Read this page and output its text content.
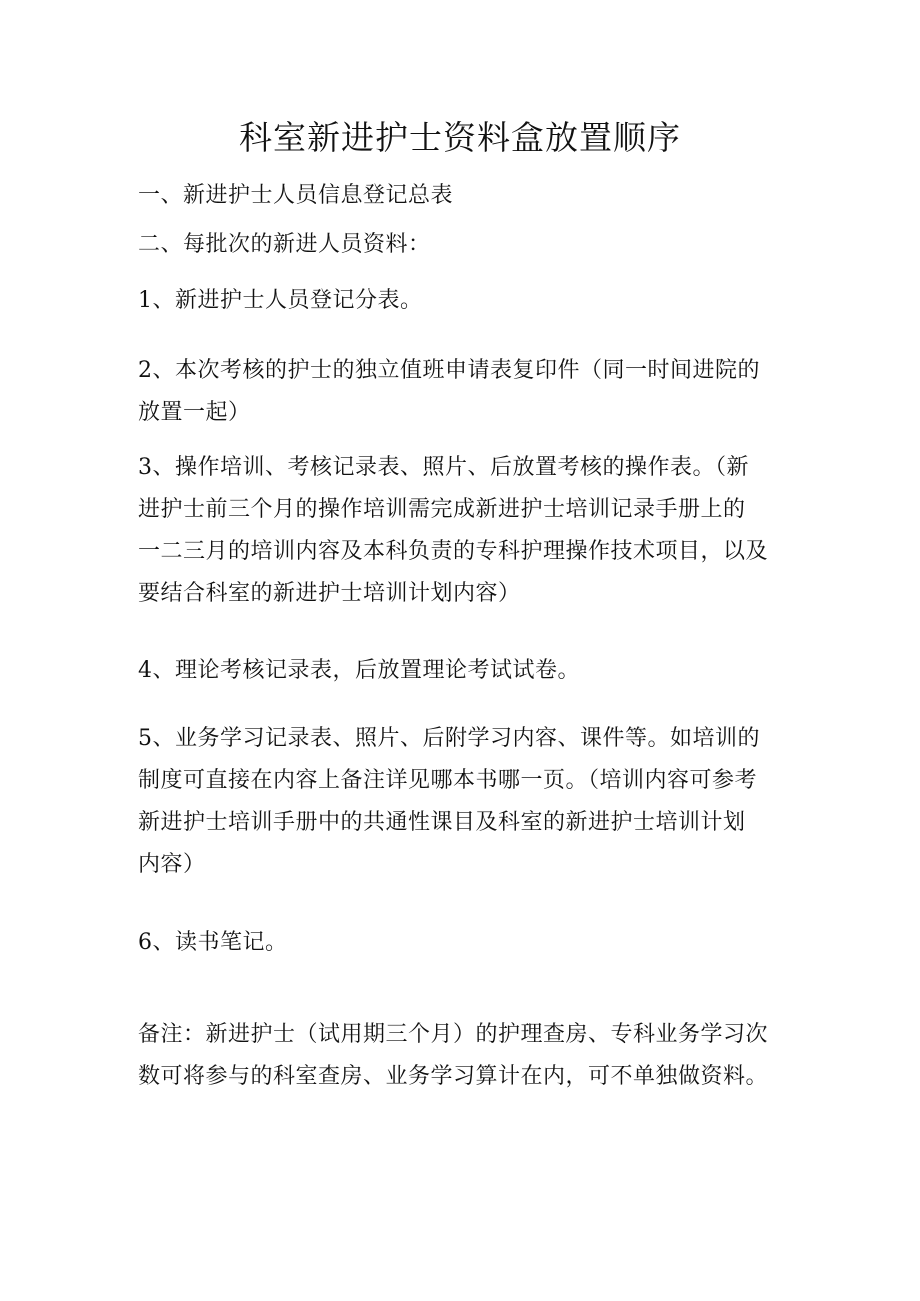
科室新进护士资料盒放置顺序
一、新进护士人员信息登记总表
二、每批次的新进人员资料：
1、新进护士人员登记分表。
2、本次考核的护士的独立值班申请表复印件（同一时间进院的
放置一起）
3、操作培训、考核记录表、照片、后放置考核的操作表。（新
进护士前三个月的操作培训需完成新进护士培训记录手册上的
一二三月的培训内容及本科负责的专科护理操作技术项目，以及
要结合科室的新进护士培训计划内容）
4、理论考核记录表，后放置理论考试试卷。
5、业务学习记录表、照片、后附学习内容、课件等。如培训的
制度可直接在内容上备注详见哪本书哪一页。（培训内容可参考
新进护士培训手册中的共通性课目及科室的新进护士培训计划
内容）
6、读书笔记。
备注：新进护士（试用期三个月）的护理查房、专科业务学习次
数可将参与的科室查房、业务学习算计在内，可不单独做资料。
